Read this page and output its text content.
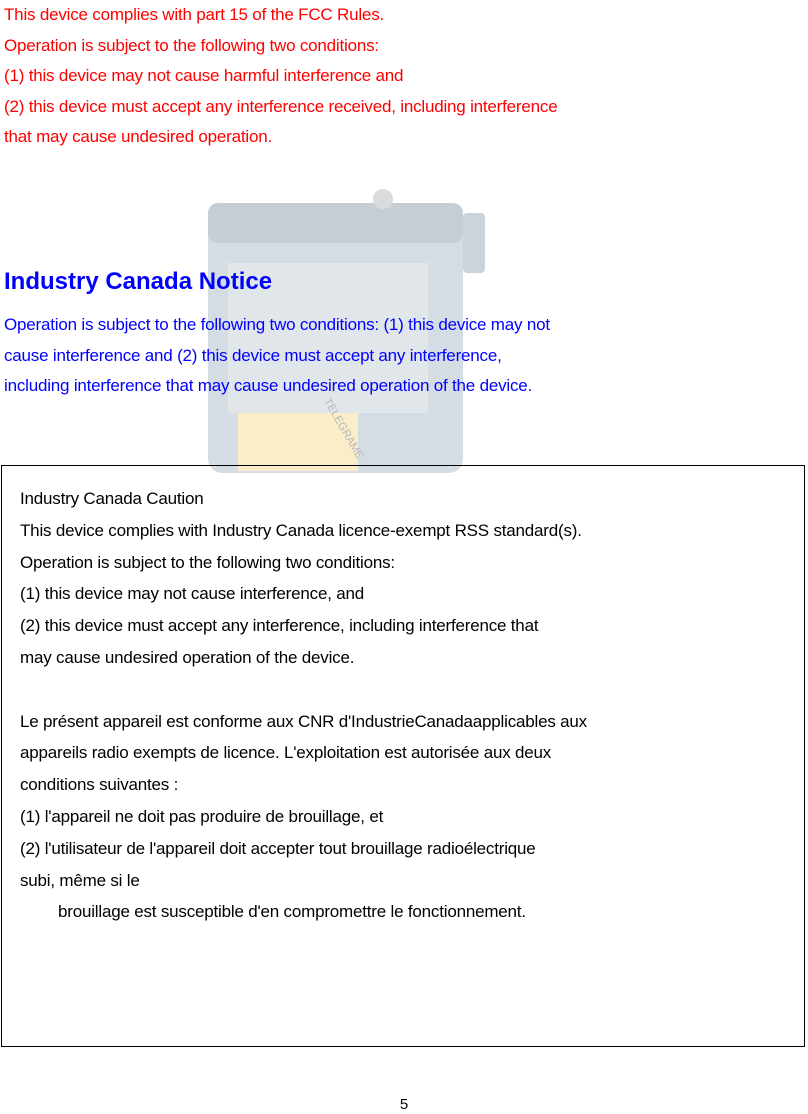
TELEGRAME
This device complies with part 15 of the FCC Rules.
Operation is subject to the following two conditions:
(1) this device may not cause harmful interference and
(2) this device must accept any interference received, including interference
that may cause undesired operation.
Industry Canada Notice
Operation is subject to the following two conditions: (1) this device may not
cause interference and (2) this device must accept any interference,
including interference that may cause undesired operation of the device.
Industry Canada Caution
This device complies with Industry Canada licence-exempt RSS standard(s).
Operation is subject to the following two conditions:
(1) this device may not cause interference, and
(2) this device must accept any interference, including interference that
may cause undesired operation of the device.
Le présent appareil est conforme aux CNR d'IndustrieCanadaapplicables aux
appareils radio exempts de licence. L'exploitation est autorisée aux deux
conditions suivantes :
(1) l'appareil ne doit pas produire de brouillage, et
(2) l'utilisateur de l'appareil doit accepter tout brouillage radioélectrique
subi, même si le
brouillage est susceptible d'en compromettre le fonctionnement.
5
